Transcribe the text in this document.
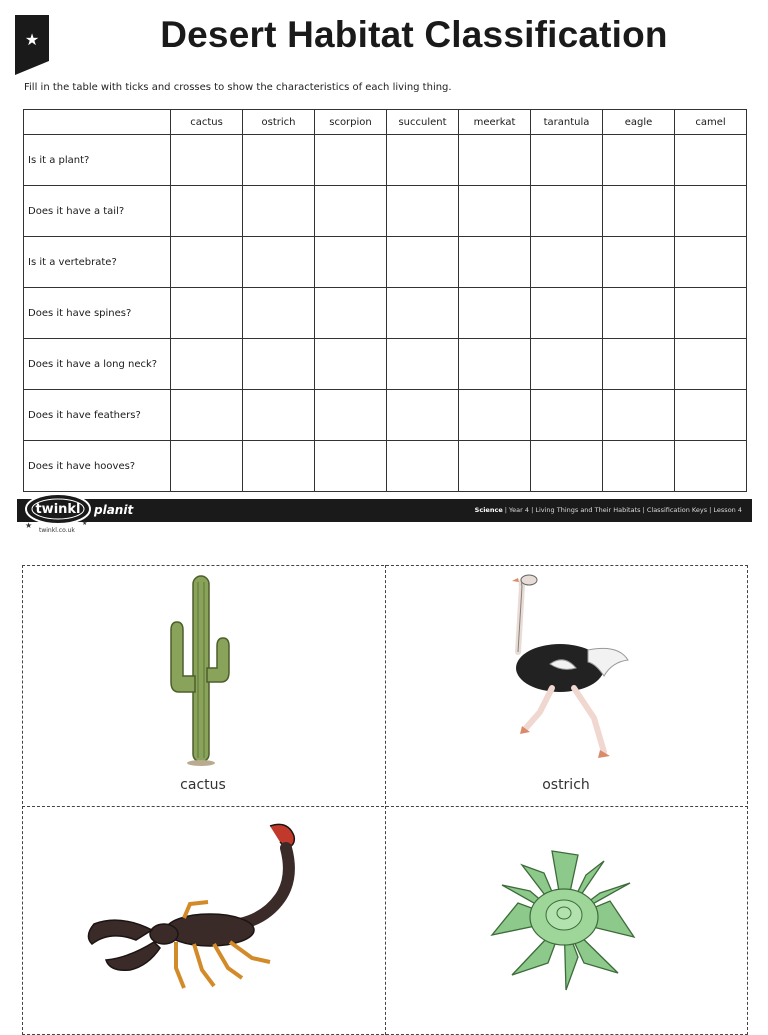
★	Desert Habitat Classification
Fill in the table with ticks and crosses to show the characteristics of each living thing.
	cactus	ostrich	scorpion	succulent	meerkat	tarantula	eagle	camel
Is it a plant?								
Does it have a tail?								
Is it a vertebrate?								
Does it have spines?								
Does it have a long neck?								
Does it have feathers?								
Does it have hooves?								
Science | Year 4 | Living Things and Their Habitats | Classification Keys | Lesson 4
twinkl planit
★	★
twinkl.co.uk
cactus	ostrich
